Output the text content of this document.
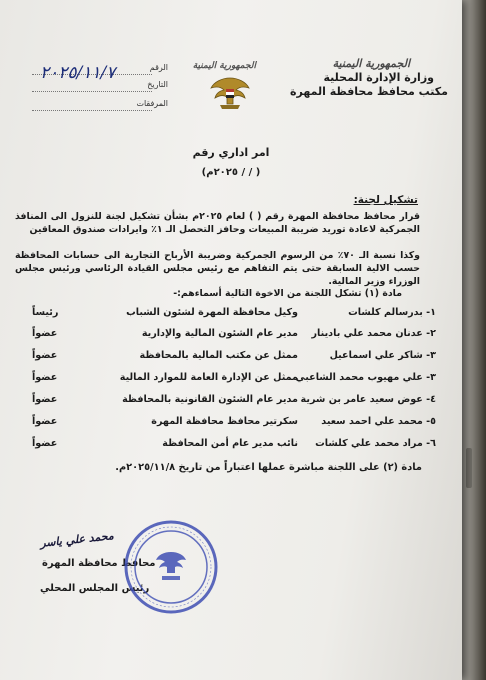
الجمهورية اليمنية
وزارة الإدارة المحلية
مكتب محافظ محافظة المهرة
الجمهورية اليمنية
الرقم
التاريخ
المرفقات
٢٠٢٥/١١/٧
امر اداري رقم
( / / ٢٠٢٥م)
تشكيل لجنة:
قرار محافظ محافظة المهرة رقم ( ) لعام ٢٠٢٥م بشأن تشكيل لجنة للنزول الى المنافذ الجمركية لاعادة توريد ضريبة المبيعات وحافز التحصل الـ ١٪ وايرادات صندوق المعاقين
وكذا نسبة الـ ٧٠٪ من الرسوم الجمركية وضريبة الأرباح التجارية الى حسابات المحافظة حسب الالية السابقة حتى يتم التفاهم مع رئيس مجلس القيادة الرئاسي ورئيس مجلس الوزراء وزير المالية.
مادة (١) تشكل اللجنة من الاخوة التالية أسماءهم:-
١- بدرسالم كلشات
وكيل محافظة المهرة لشئون الشباب
رئيساً
٢- عدنان محمد علي بادينار
مدير عام الشئون المالية والإدارية
عضواً
٣- شاكر علي اسماعيل
ممثل عن مكتب المالية بالمحافظة
عضواً
٣- علي مهيوب محمد الشاعبي
ممثل عن الإدارة العامة للموارد المالية
عضواً
٤- عوض سعيد عامر بن شرية
مدير عام الشئون القانونية بالمحافظة
عضواً
٥- محمد علي احمد سعيد
سكرتير محافظ محافظة المهرة
عضواً
٦- مراد محمد علي كلشات
نائب مدير عام أمن المحافظة
عضواً
مادة (٢) على اللجنة مباشرة عملها اعتباراً من تاريخ ٢٠٢٥/١١/٨م.
محمد علي ياسر
محافظ محافظة المهرة
رئيس المجلس المحلي
